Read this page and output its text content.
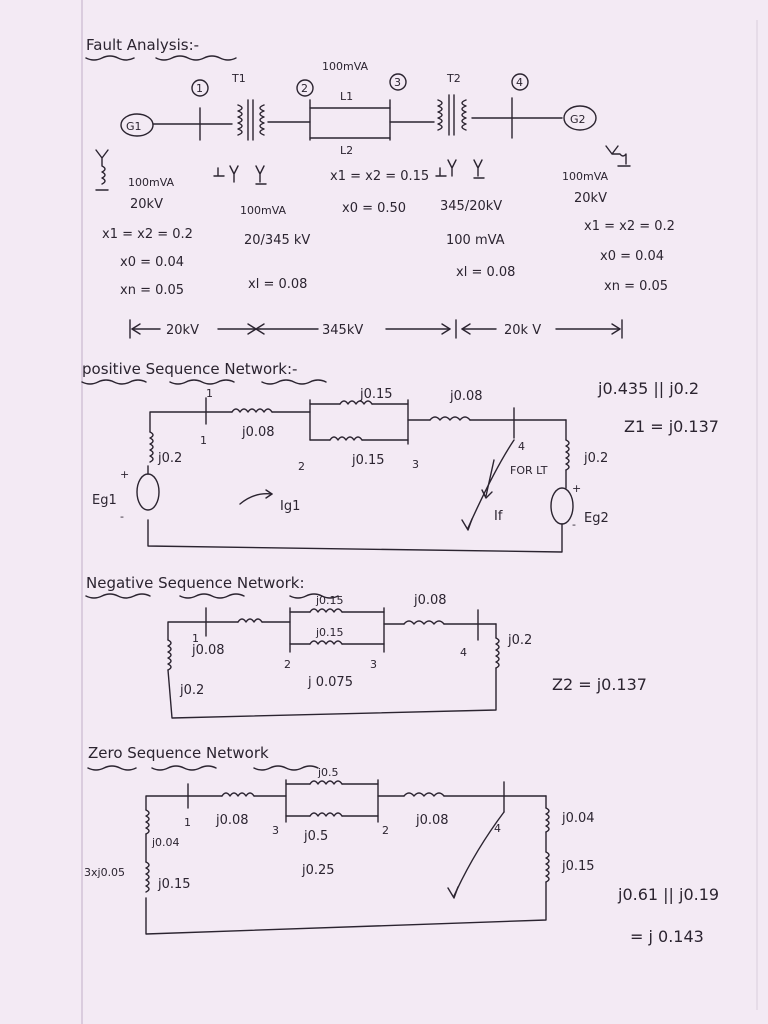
Fault Analysis:-
G1
1
T1
2
100mVA
L1
L2
3	T2	4
G2
100mVA
20kV
x1 = x2 = 0.2
x0 = 0.04
xn = 0.05
100mVA
20/345 kV
xl = 0.08
x1 = x2 = 0.15
x0 = 0.50	345/20kV
100 mVA
xl = 0.08
100mVA
20kV
x1 = x2 = 0.2
x0 = 0.04
xn = 0.05
20kV	345kV	20k V
positive Sequence Network:-
+
-
+
-
1
1
j0.08
j0.15
j0.15
2	3
j0.08
4
FOR LT
j0.2	j0.2
Eg1
Eg2
Ig1
If
j0.435 || j0.2
Z1 = j0.137
Negative Sequence Network:
j0.15
j0.15
j0.08
j 0.075
j0.08
j0.2
j0.2
1
2	3
4
Z2 = j0.137
Zero Sequence Network
j0.5
j0.5
j0.25
j0.08	j0.08
j0.04
j0.04
j0.15
j0.15
3xj0.05
1
2
3	4
j0.61 || j0.19
= j 0.143
